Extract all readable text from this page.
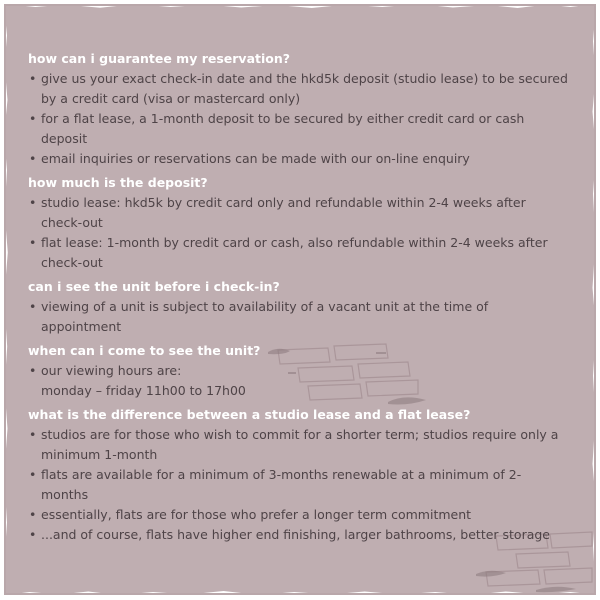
how can i guarantee my reservation?

• give us your exact check-in date and the hkd5k deposit (studio lease) to be secured by a credit card (visa or mastercard only)
• for a flat lease, a 1-month deposit to be secured by either credit card or cash deposit
• email inquiries or reservations can be made with our on-line enquiry

how much is the deposit?

• studio lease: hkd5k by credit card only and refundable within 2-4 weeks after check-out
• flat lease: 1-month by credit card or cash, also refundable within 2-4 weeks after check-out

can i see the unit before i check-in?

• viewing of a unit is subject to availability of a vacant unit at the time of appointment

when can i come to see the unit?

• our viewing hours are:
monday – friday 11h00 to 17h00

what is the difference between a studio lease and a flat lease?

• studios are for those who wish to commit for a shorter term; studios require only a minimum 1-month
• flats are available for a minimum of 3-months renewable at a minimum of 2-months
• essentially, flats are for those who prefer a longer term commitment
• ...and of course, flats have higher end finishing, larger bathrooms, better storage
